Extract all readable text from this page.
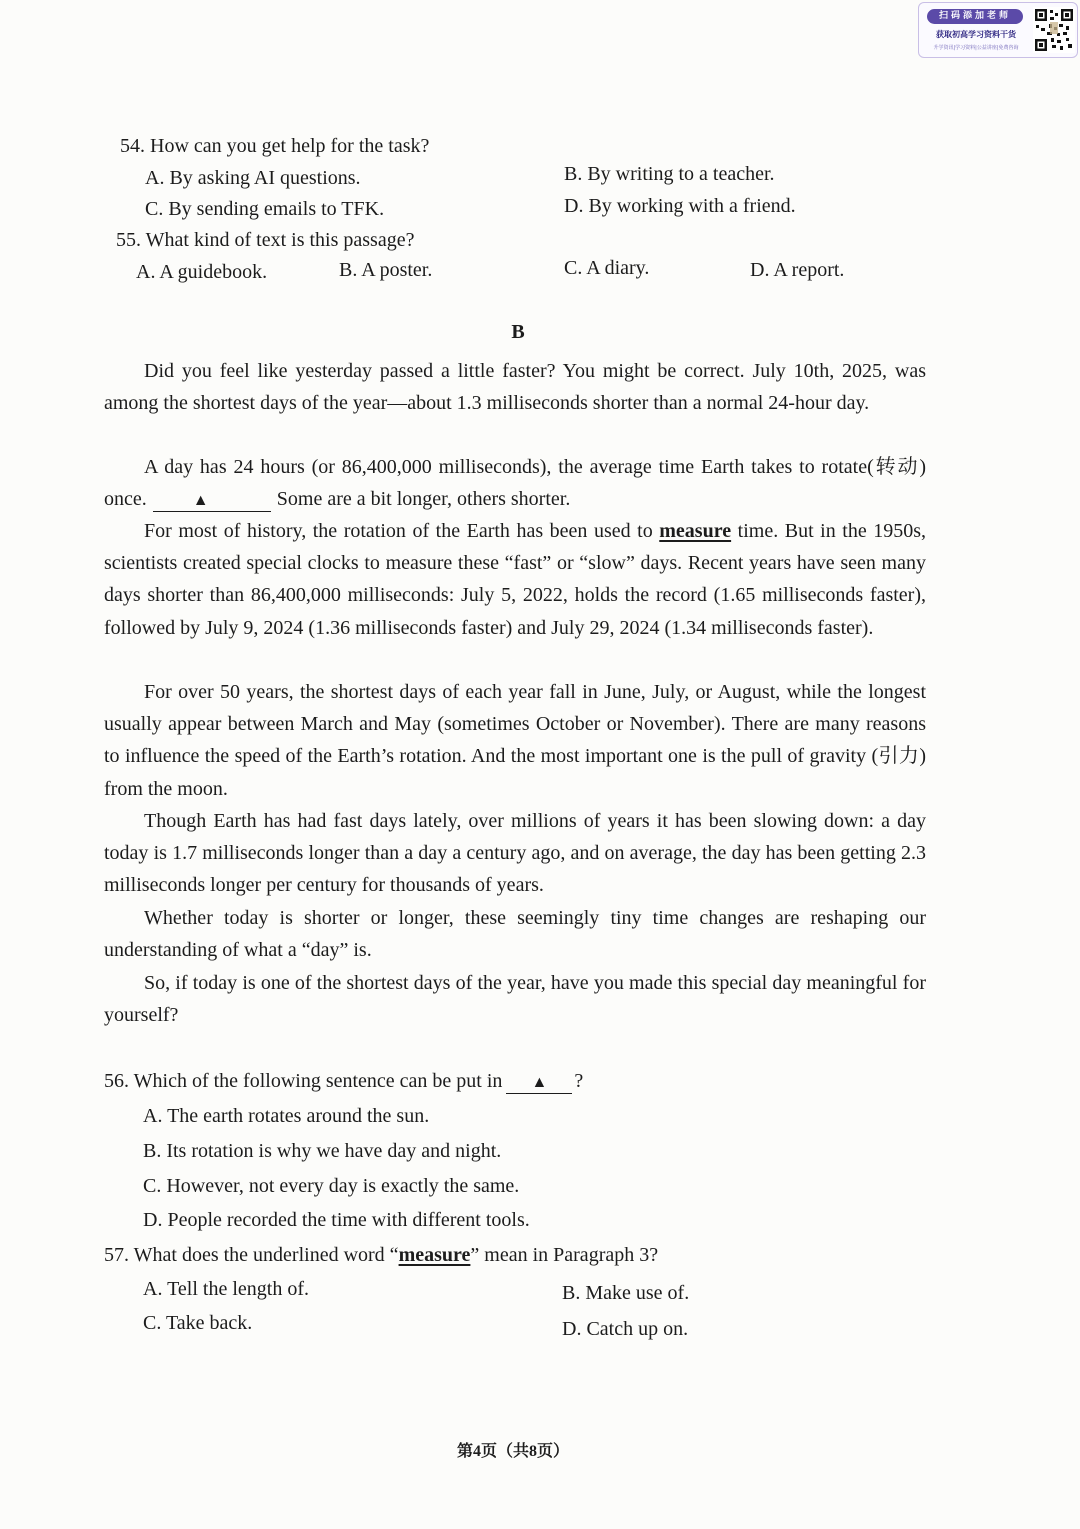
扫码添加老师
获取初高学习资料干货
升学资讯|学习资料|公益讲座|免费咨询
54. How can you get help for the task?
A. By asking AI questions.	B. By writing to a teacher.
C. By sending emails to TFK.	D. By working with a friend.
55. What kind of text is this passage?
A. A guidebook.	B. A poster.	C. A diary.	D. A report.
B
Did you feel like yesterday passed a little faster? You might be correct. July 10th, 2025, was among the shortest days of the year—about 1.3 milliseconds shorter than a normal 24-hour day.
A day has 24 hours (or 86,400,000 milliseconds), the average time Earth takes to rotate(转动) once.	▲	Some are a bit longer, others shorter.
For most of history, the rotation of the Earth has been used to measure time. But in the 1950s, scientists created special clocks to measure these “fast” or “slow” days. Recent years have seen many days shorter than 86,400,000 milliseconds: July 5, 2022, holds the record (1.65 milliseconds faster), followed by July 9, 2024 (1.36 milliseconds faster) and July 29, 2024 (1.34 milliseconds faster).
For over 50 years, the shortest days of each year fall in June, July, or August, while the longest usually appear between March and May (sometimes October or November). There are many reasons to influence the speed of the Earth’s rotation. And the most important one is the pull of gravity (引力) from the moon.
Though Earth has had fast days lately, over millions of years it has been slowing down: a day today is 1.7 milliseconds longer than a day a century ago, and on average, the day has been getting 2.3 milliseconds longer per century for thousands of years.
Whether today is shorter or longer, these seemingly tiny time changes are reshaping our understanding of what a “day” is.
So, if today is one of the shortest days of the year, have you made this special day meaningful for yourself?
56. Which of the following sentence can be put in ▲ ?
A. The earth rotates around the sun.
B. Its rotation is why we have day and night.
C. However, not every day is exactly the same.
D. People recorded the time with different tools.
57. What does the underlined word “measure” mean in Paragraph 3?
A. Tell the length of.	B. Make use of.
C. Take back.	D. Catch up on.
第4页（共8页）
